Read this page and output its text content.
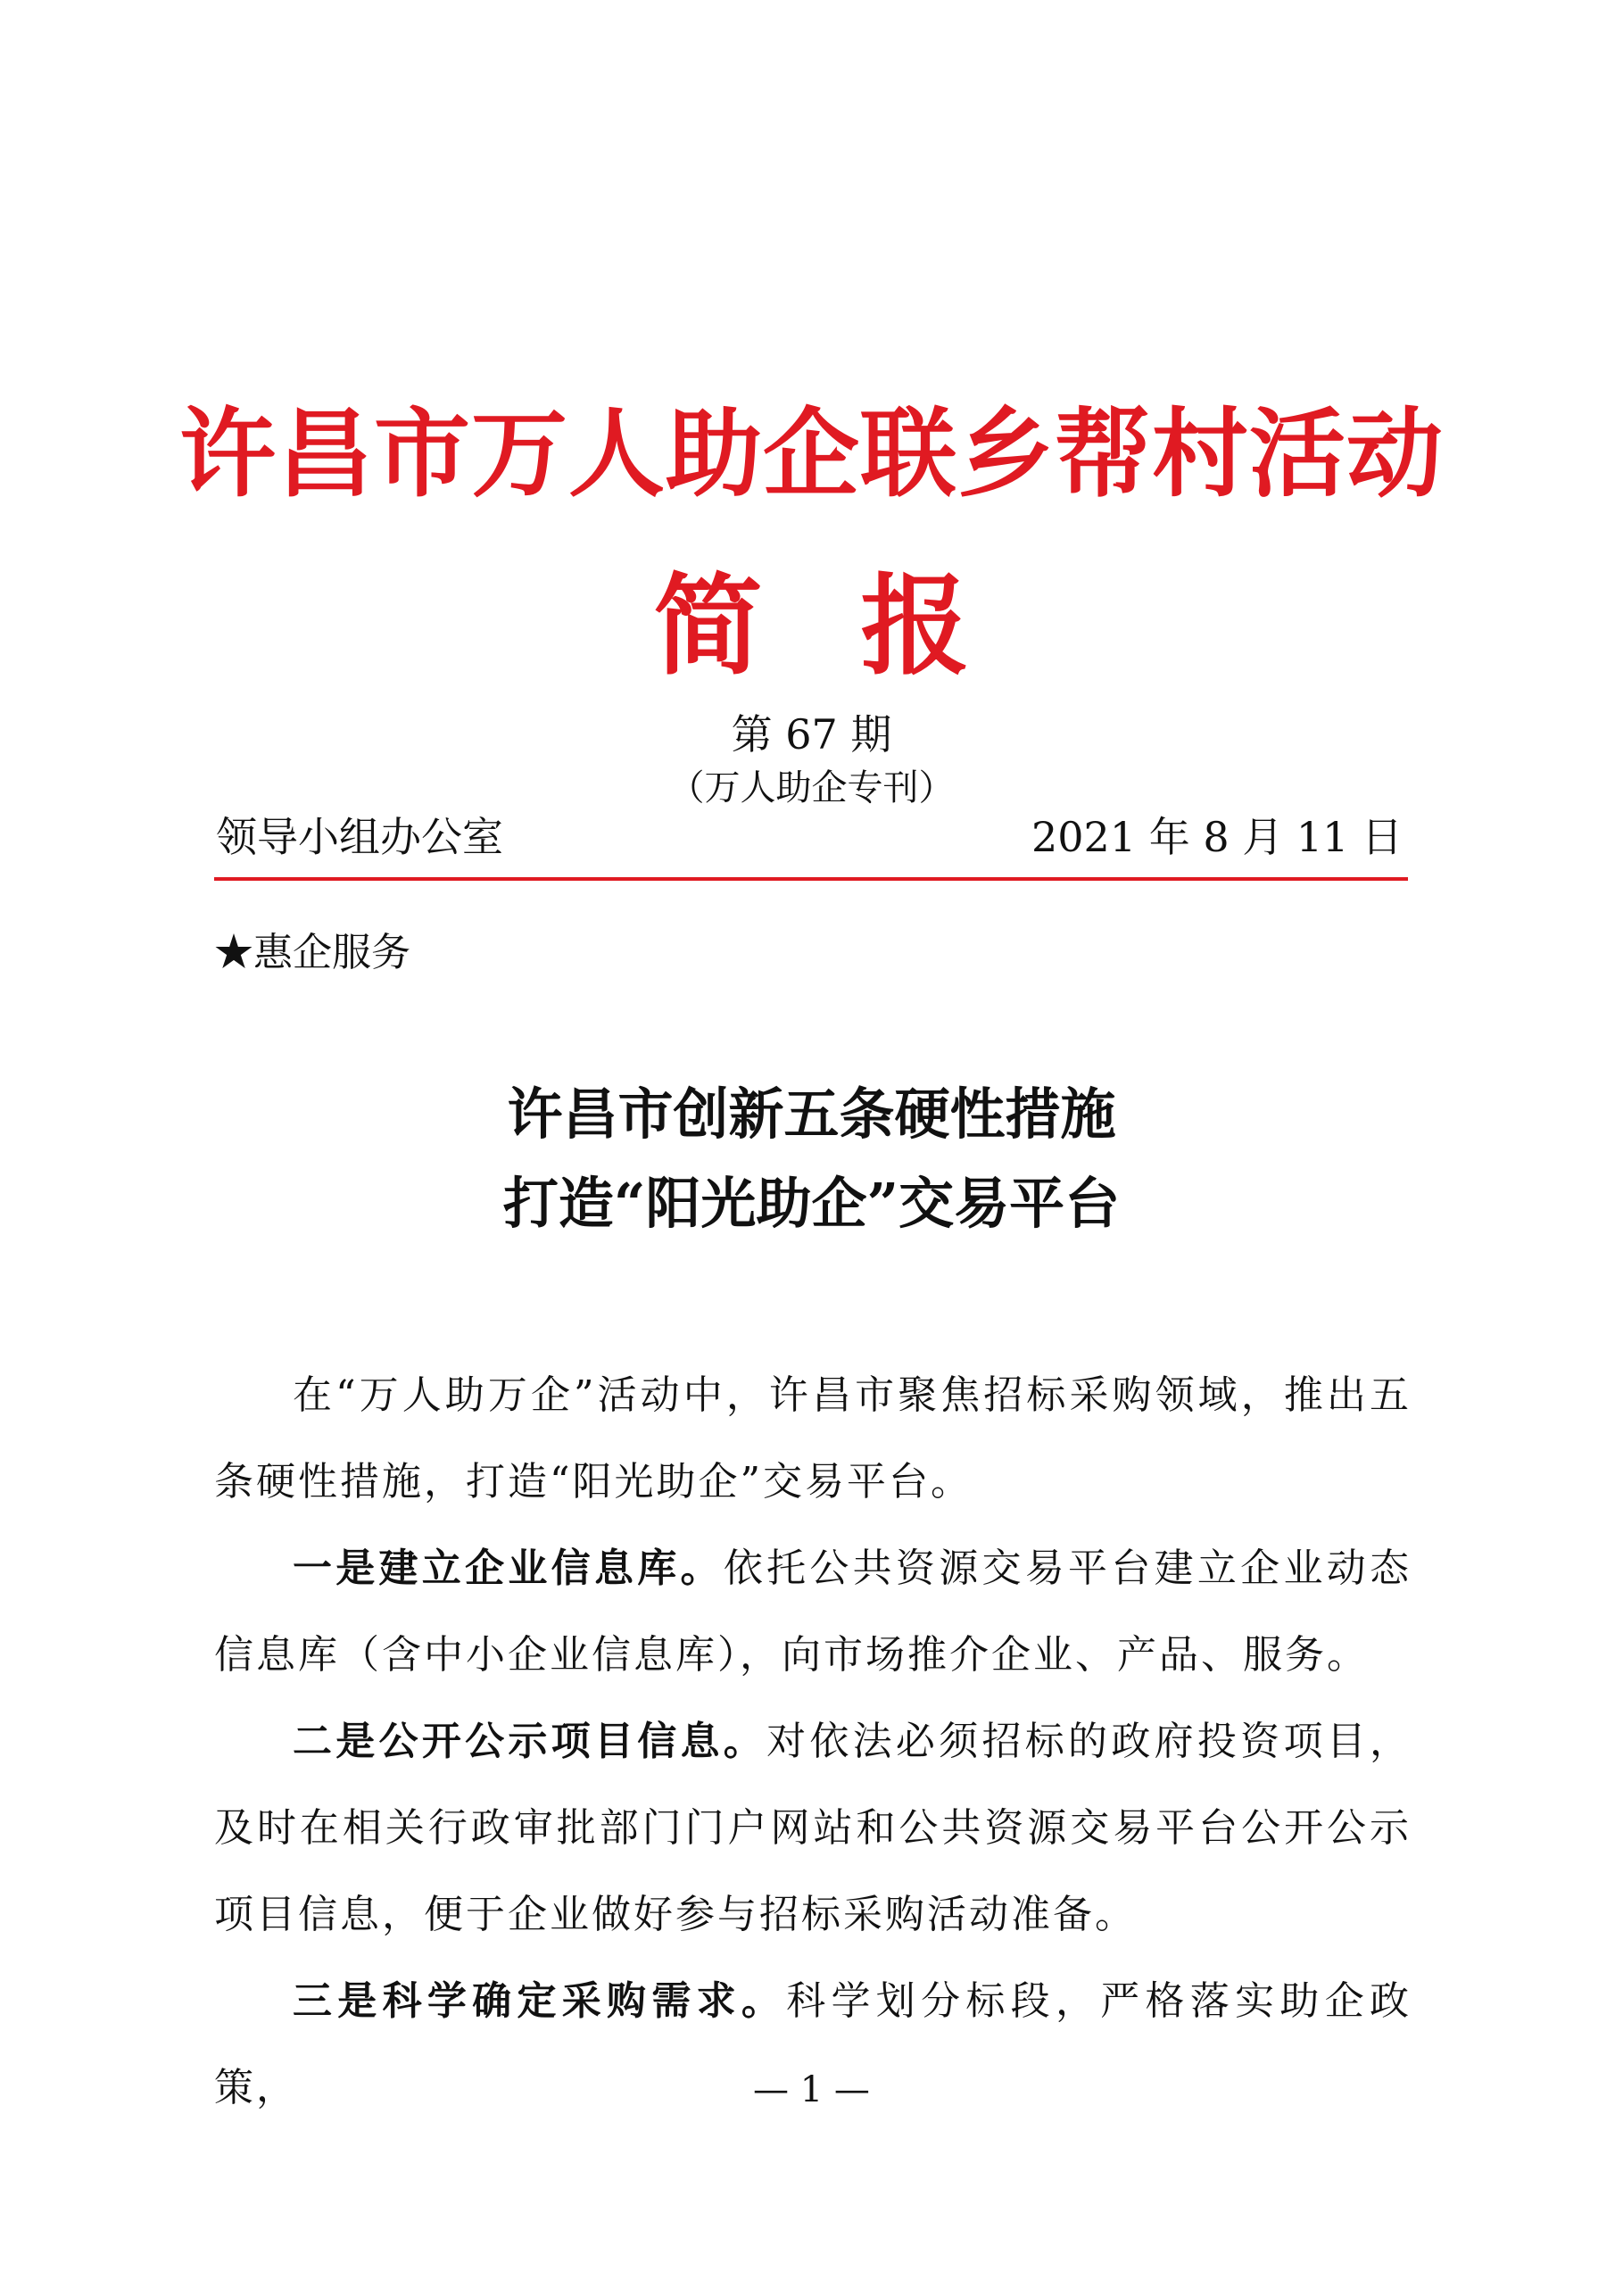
许昌市万人助企联乡帮村活动
简 报
第 67 期
（万人助企专刊）
领导小组办公室	2021 年 8 月 11 日
★惠企服务
许昌市创新五条硬性措施
打造“阳光助企”交易平台

在“万人助万企”活动中，许昌市聚焦招标采购领域，推出五条硬性措施，打造“阳光助企”交易平台。

一是建立企业信息库。依托公共资源交易平台建立企业动态信息库（含中小企业信息库），向市场推介企业、产品、服务。

二是公开公示项目信息。对依法必须招标的政府投资项目，及时在相关行政审批部门门户网站和公共资源交易平台公开公示项目信息，便于企业做好参与招标采购活动准备。

三是科学确定采购需求。科学划分标段，严格落实助企政策，	— 1 —
